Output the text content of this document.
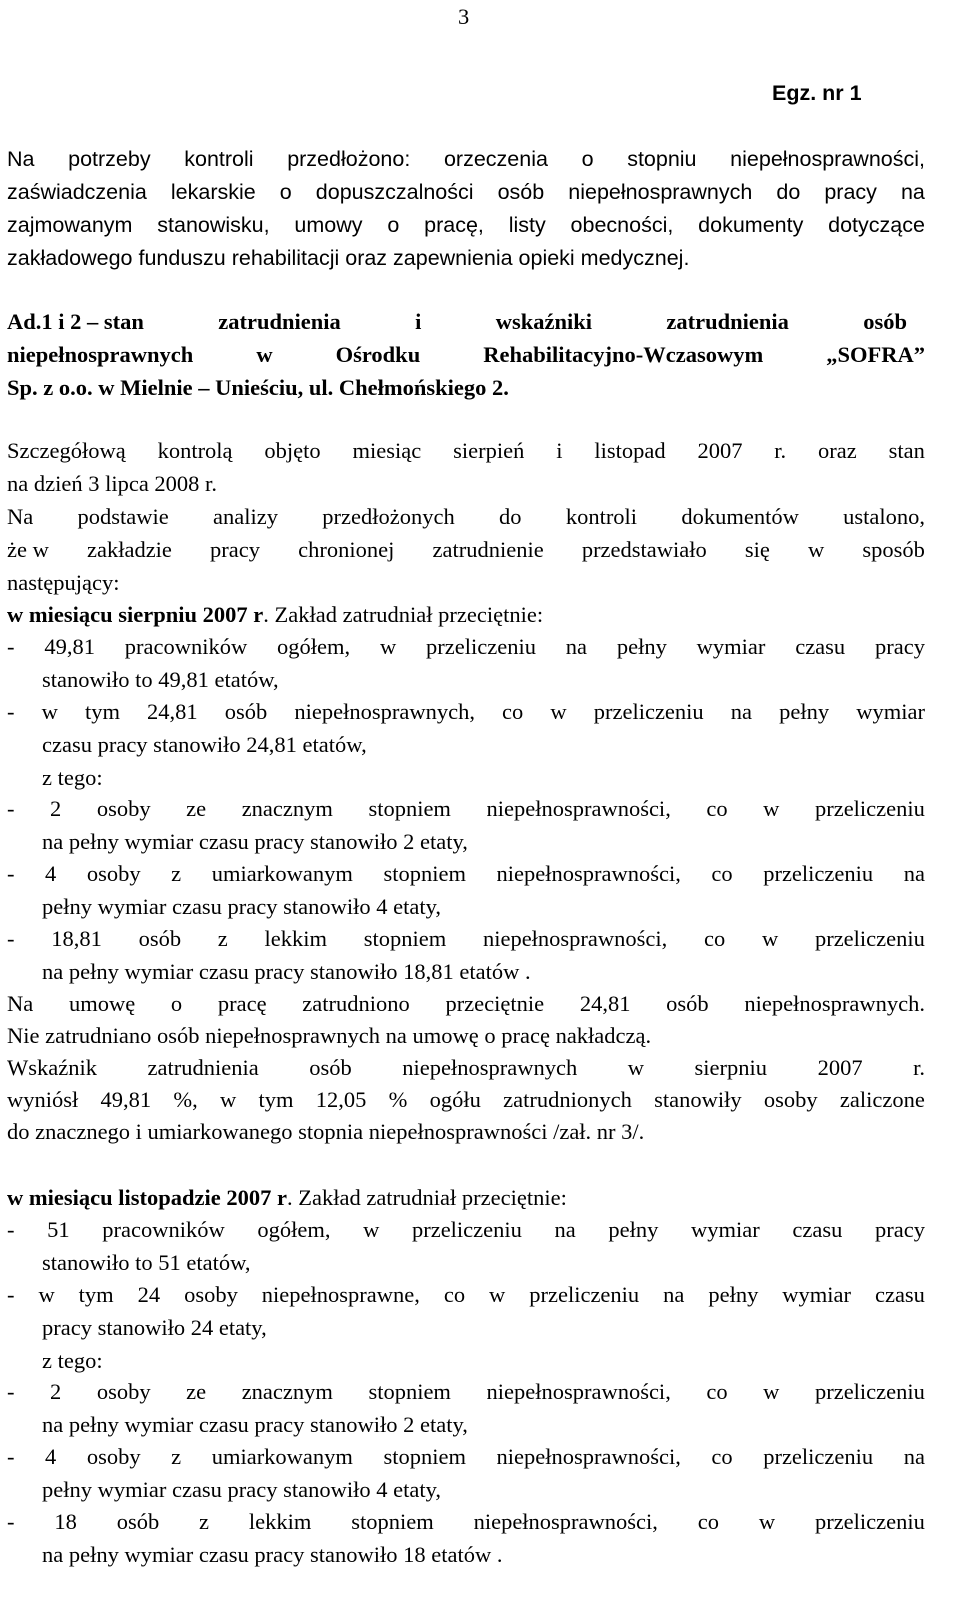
3

Egz. nr 1

Na potrzeby kontroli przedłożono: orzeczenia o stopniu niepełnosprawności,

zaświadczenia lekarskie o dopuszczalności osób niepełnosprawnych do pracy na

zajmowanym stanowisku, umowy o pracę, listy obecności, dokumenty dotyczące

zakładowego funduszu rehabilitacji oraz zapewnienia opieki medycznej.

Ad.1 i 2 – stan	zatrudnienia	i	wskaźniki	zatrudnienia	osób

niepełnosprawnych	w	Ośrodku	Rehabilitacyjno-Wczasowym	„SOFRA”

Sp. z o.o. w Mielnie – Unieściu, ul. Chełmońskiego 2.

Szczegółową kontrolą objęto miesiąc sierpień i listopad 2007 r. oraz stan

na dzień 3 lipca 2008 r.

Na podstawie analizy przedłożonych do kontroli dokumentów ustalono,

że w zakładzie pracy chronionej zatrudnienie przedstawiało się w sposób

następujący:

w miesiącu sierpniu 2007 r. Zakład zatrudniał przeciętnie:

- 49,81 pracowników ogółem, w przeliczeniu na pełny wymiar czasu pracy

stanowiło to 49,81 etatów,

- w tym 24,81 osób niepełnosprawnych, co w przeliczeniu na pełny wymiar

czasu pracy stanowiło 24,81 etatów,

z tego:

- 2 osoby ze znacznym stopniem niepełnosprawności, co w przeliczeniu

na pełny wymiar czasu pracy stanowiło 2 etaty,

- 4 osoby z umiarkowanym stopniem niepełnosprawności, co przeliczeniu na

pełny wymiar czasu pracy stanowiło 4 etaty,

- 18,81 osób z lekkim stopniem niepełnosprawności, co w przeliczeniu

na pełny wymiar czasu pracy stanowiło 18,81 etatów .

Na umowę o pracę zatrudniono przeciętnie 24,81 osób niepełnosprawnych.

Nie zatrudniano osób niepełnosprawnych na umowę o pracę nakładczą.

Wskaźnik zatrudnienia osób niepełnosprawnych w sierpniu 2007 r.

wyniósł 49,81 %, w tym 12,05 % ogółu zatrudnionych stanowiły osoby zaliczone

do znacznego i umiarkowanego stopnia niepełnosprawności /zał. nr 3/.

w miesiącu listopadzie 2007 r. Zakład zatrudniał przeciętnie:

- 51 pracowników ogółem, w przeliczeniu na pełny wymiar czasu pracy

stanowiło to 51 etatów,

- w tym 24 osoby niepełnosprawne, co w przeliczeniu na pełny wymiar czasu

pracy stanowiło 24 etaty,

z tego:

- 2 osoby ze znacznym stopniem niepełnosprawności, co w przeliczeniu

na pełny wymiar czasu pracy stanowiło 2 etaty,

- 4 osoby z umiarkowanym stopniem niepełnosprawności, co przeliczeniu na

pełny wymiar czasu pracy stanowiło 4 etaty,

- 18 osób z lekkim stopniem niepełnosprawności, co w przeliczeniu

na pełny wymiar czasu pracy stanowiło 18 etatów .
